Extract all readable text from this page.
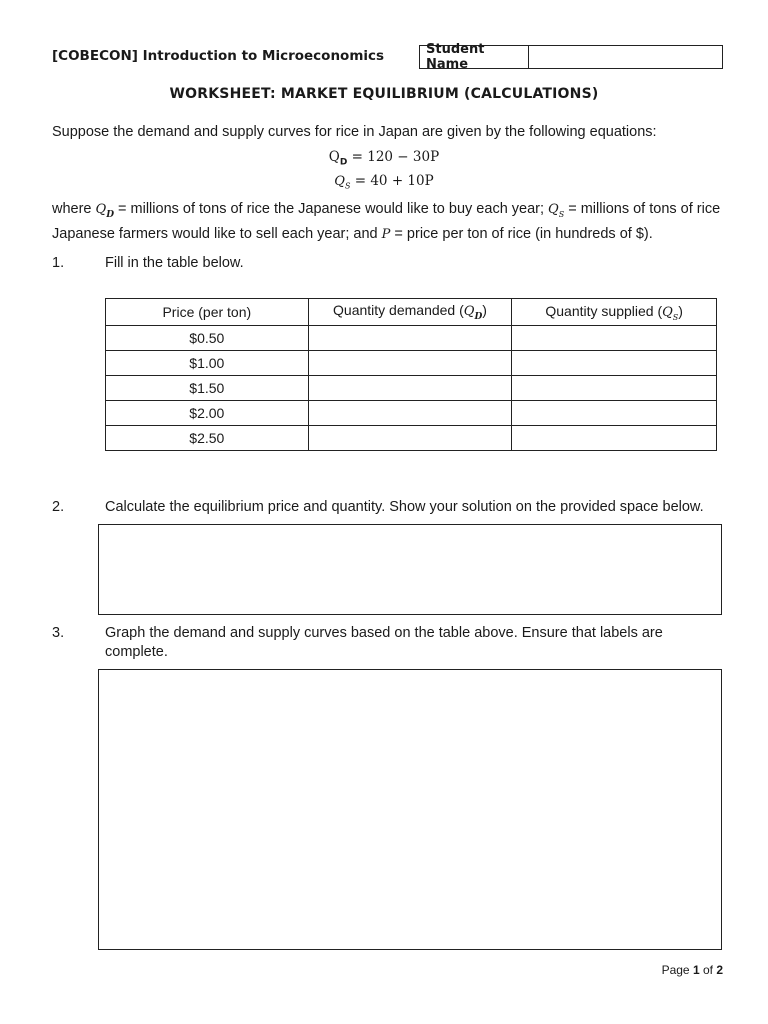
[COBECON] Introduction to Microeconomics	Student Name
WORKSHEET: MARKET EQUILIBRIUM (CALCULATIONS)
Suppose the demand and supply curves for rice in Japan are given by the following equations:
$Q_D = 120 - 30P$
$Q_S = 40 + 10P$
where $Q_D$ = millions of tons of rice the Japanese would like to buy each year; $Q_S$ = millions of tons of rice Japanese farmers would like to sell each year; and P = price per ton of rice (in hundreds of $).
1.	Fill in the table below.
Price (per ton)	Quantity demanded $(Q_D)$	Quantity supplied $(Q_S)$
$0.50		
$1.00		
$1.50		
$2.00		
$2.50		
2.	Calculate the equilibrium price and quantity. Show your solution on the provided space below.
3.	Graph the demand and supply curves based on the table above. Ensure that labels are complete.
Page 1 of 2
